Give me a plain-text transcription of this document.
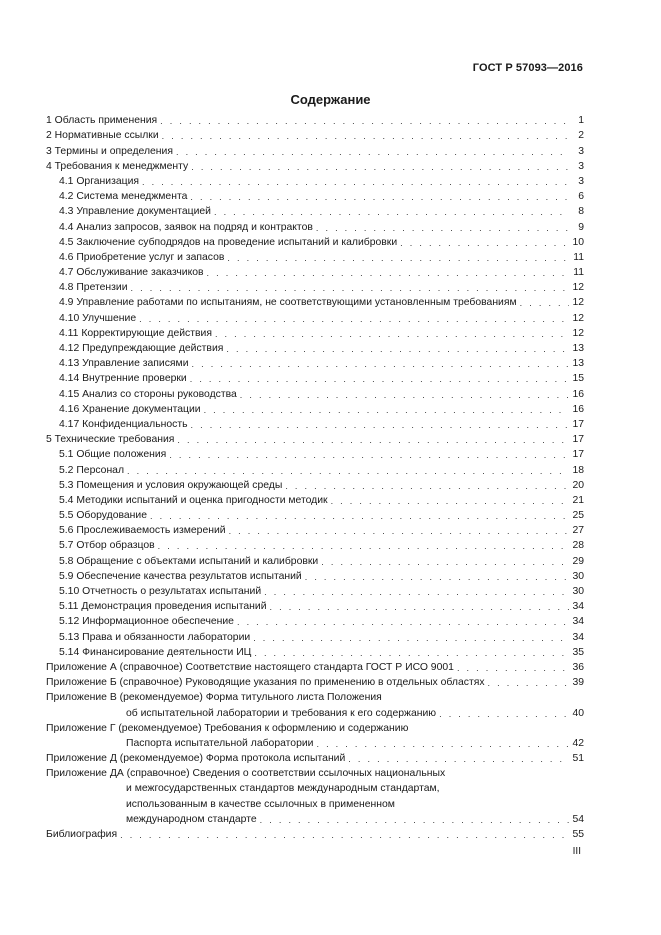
ГОСТ Р 57093—2016
Содержание
1 Область применения . . .	1
2 Нормативные ссылки . . .	2
3 Термины и определения . . .	3
4 Требования к менеджменту . . .	3
4.1 Организация . . .	3
4.2 Система менеджмента . . .	6
4.3 Управление документацией . . .	8
4.4 Анализ запросов, заявок на подряд и контрактов . . .	9
4.5 Заключение субподрядов на проведение испытаний и калибровки . . .	10
4.6 Приобретение услуг и запасов . . .	11
4.7 Обслуживание заказчиков . . .	11
4.8 Претензии . . .	12
4.9 Управление работами по испытаниям, не соответствующими установленным требованиям . . .	12
4.10 Улучшение . . .	12
4.11 Корректирующие действия . . .	12
4.12 Предупреждающие действия . . .	13
4.13 Управление записями . . .	13
4.14 Внутренние проверки . . .	15
4.15 Анализ со стороны руководства . . .	16
4.16 Хранение документации . . .	16
4.17 Конфиденциальность . . .	17
5 Технические требования . . .	17
5.1 Общие положения . . .	17
5.2 Персонал . . .	18
5.3 Помещения и условия окружающей среды . . .	20
5.4 Методики испытаний и оценка пригодности методик . . .	21
5.5 Оборудование . . .	25
5.6 Прослеживаемость измерений . . .	27
5.7 Отбор образцов . . .	28
5.8 Обращение с объектами испытаний и калибровки . . .	29
5.9 Обеспечение качества результатов испытаний . . .	30
5.10 Отчетность о результатах испытаний . . .	30
5.11 Демонстрация проведения испытаний . . .	34
5.12 Информационное обеспечение . . .	34
5.13 Права и обязанности лаборатории . . .	34
5.14 Финансирование деятельности ИЦ . . .	35
Приложение А (справочное) Соответствие настоящего стандарта ГОСТ Р ИСО 9001 . . .	36
Приложение Б (справочное) Руководящие указания по применению в отдельных областях . . .	39
Приложение В (рекомендуемое) Форма титульного листа Положения
об испытательной лаборатории и требования к его содержанию . . .	40
Приложение Г (рекомендуемое) Требования к оформлению и содержанию
Паспорта испытательной лаборатории . . .	42
Приложение Д (рекомендуемое) Форма протокола испытаний . . .	51
Приложение ДА (справочное) Сведения о соответствии ссылочных национальных
и межгосударственных стандартов международным стандартам,
использованным в качестве ссылочных в примененном
международном стандарте . . .	54
Библиография . . .	55
III
